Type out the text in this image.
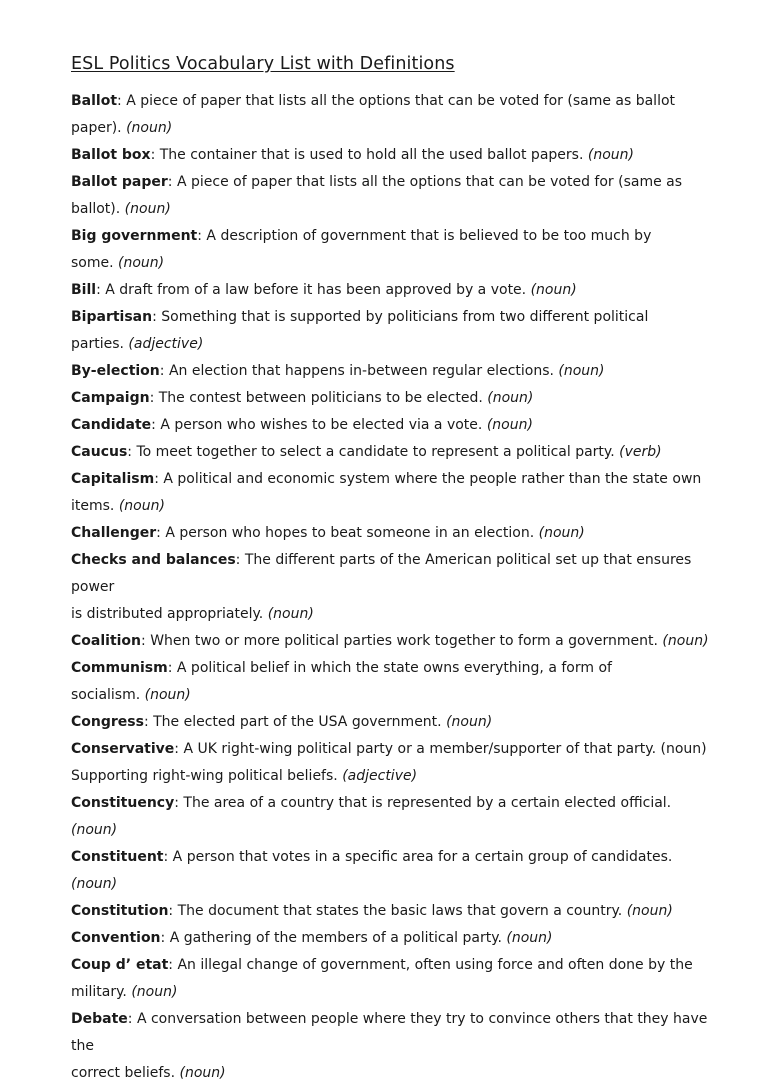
ESL Politics Vocabulary List with Definitions

Ballot: A piece of paper that lists all the options that can be voted for (same as ballot
paper). (noun)

Ballot box: The container that is used to hold all the used ballot papers. (noun)

Ballot paper: A piece of paper that lists all the options that can be voted for (same as
ballot). (noun)

Big government: A description of government that is believed to be too much by
some. (noun)

Bill: A draft from of a law before it has been approved by a vote. (noun)

Bipartisan: Something that is supported by politicians from two different political
parties. (adjective)

By-election: An election that happens in-between regular elections. (noun)

Campaign: The contest between politicians to be elected. (noun)

Candidate: A person who wishes to be elected via a vote. (noun)

Caucus: To meet together to select a candidate to represent a political party. (verb)

Capitalism: A political and economic system where the people rather than the state own
items. (noun)

Challenger: A person who hopes to beat someone in an election. (noun)

Checks and balances: The different parts of the American political set up that ensures power
is distributed appropriately. (noun)

Coalition: When two or more political parties work together to form a government. (noun)

Communism: A political belief in which the state owns everything, a form of
socialism. (noun)

Congress: The elected part of the USA government. (noun)

Conservative: A UK right-wing political party or a member/supporter of that party. (noun)
Supporting right-wing political beliefs. (adjective)

Constituency: The area of a country that is represented by a certain elected official. (noun)

Constituent: A person that votes in a specific area for a certain group of candidates. (noun)

Constitution: The document that states the basic laws that govern a country. (noun)

Convention: A gathering of the members of a political party. (noun)

Coup d’ etat: An illegal change of government, often using force and often done by the
military. (noun)

Debate: A conversation between people where they try to convince others that they have the
correct beliefs. (noun)
